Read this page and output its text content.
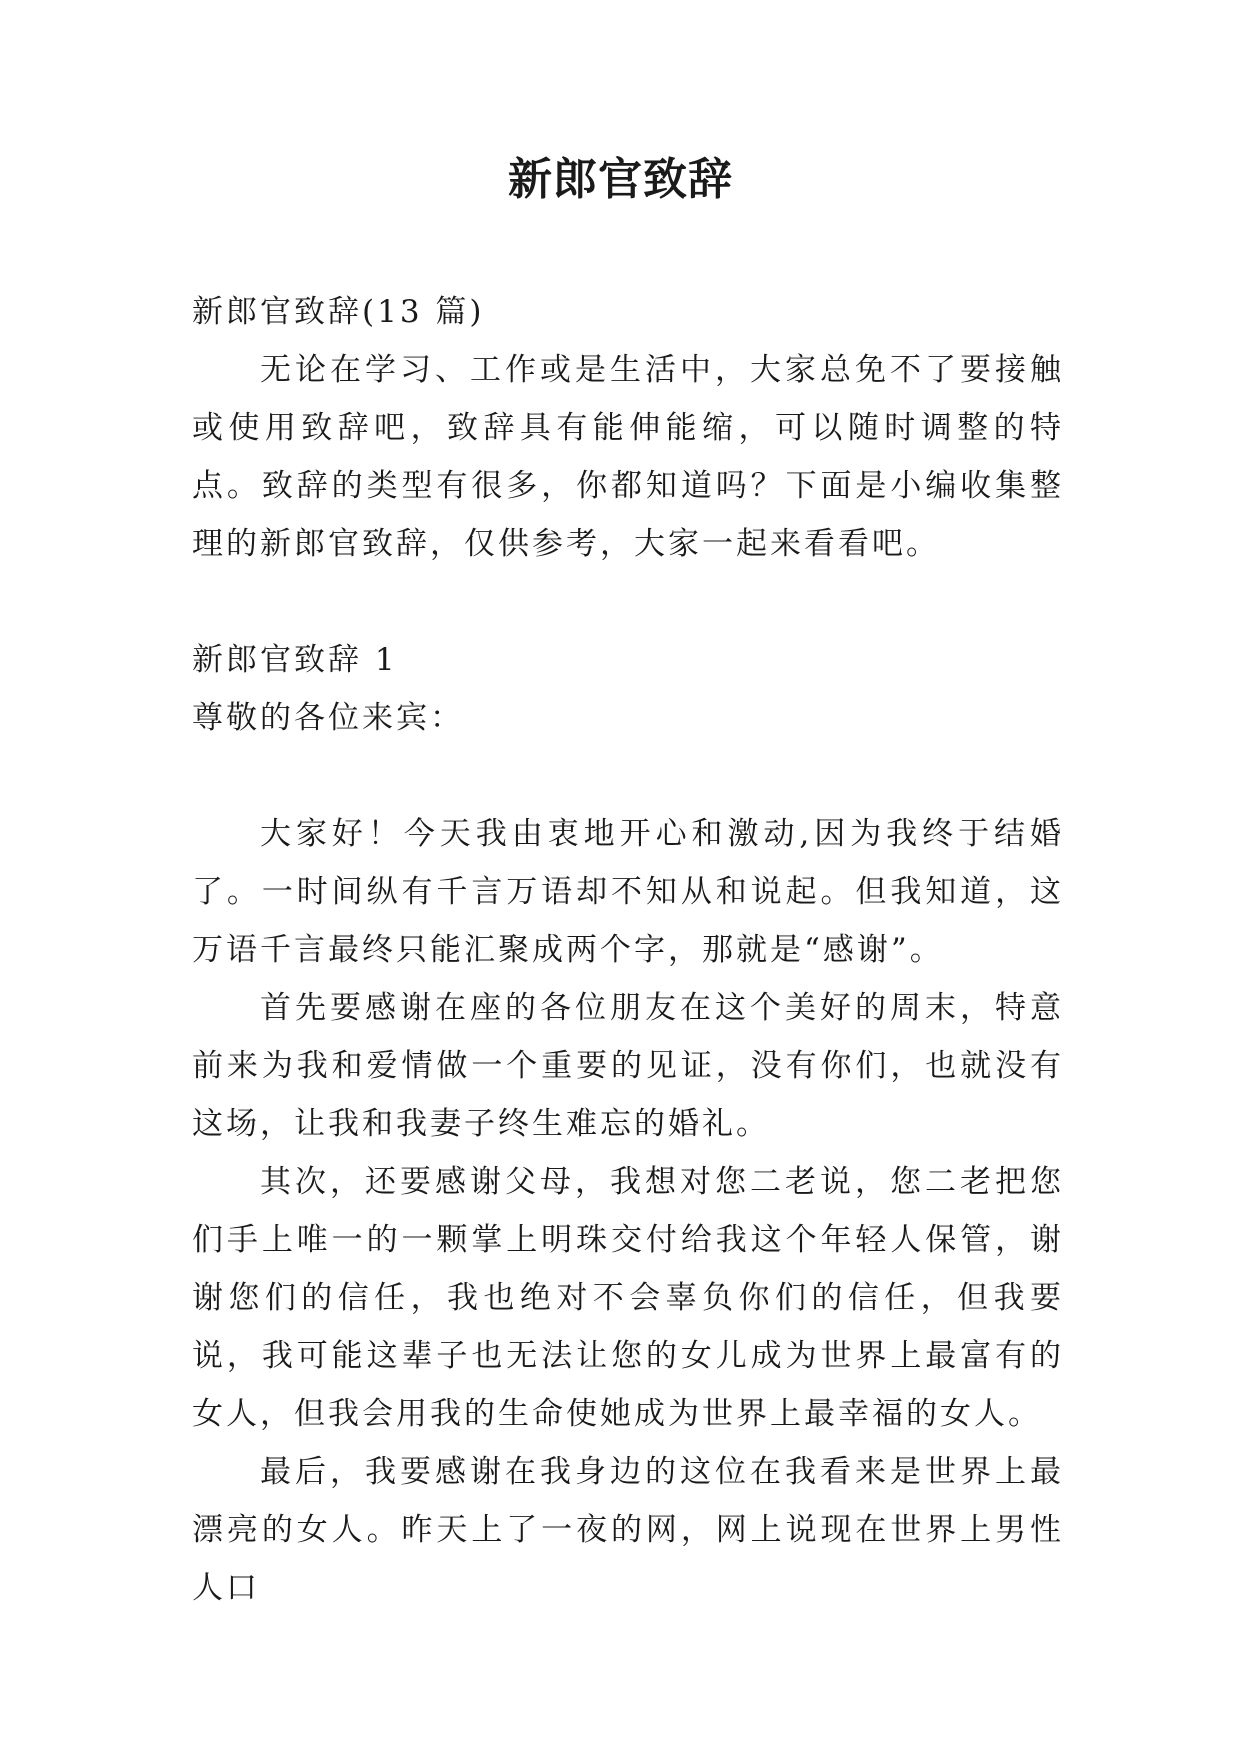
新郎官致辞

新郎官致辞(13 篇)

无论在学习、工作或是生活中，大家总免不了要接触或使用致辞吧，致辞具有能伸能缩，可以随时调整的特点。致辞的类型有很多，你都知道吗？下面是小编收集整理的新郎官致辞，仅供参考，大家一起来看看吧。

新郎官致辞 1

尊敬的各位来宾：

大家好！今天我由衷地开心和激动,因为我终于结婚了。一时间纵有千言万语却不知从和说起。但我知道，这万语千言最终只能汇聚成两个字，那就是“感谢”。

首先要感谢在座的各位朋友在这个美好的周末，特意前来为我和爱情做一个重要的见证，没有你们，也就没有这场，让我和我妻子终生难忘的婚礼。

其次，还要感谢父母，我想对您二老说，您二老把您们手上唯一的一颗掌上明珠交付给我这个年轻人保管，谢谢您们的信任，我也绝对不会辜负你们的信任，但我要说，我可能这辈子也无法让您的女儿成为世界上最富有的女人，但我会用我的生命使她成为世界上最幸福的女人。

最后，我要感谢在我身边的这位在我看来是世界上最漂亮的女人。昨天上了一夜的网，网上说现在世界上男性人口
